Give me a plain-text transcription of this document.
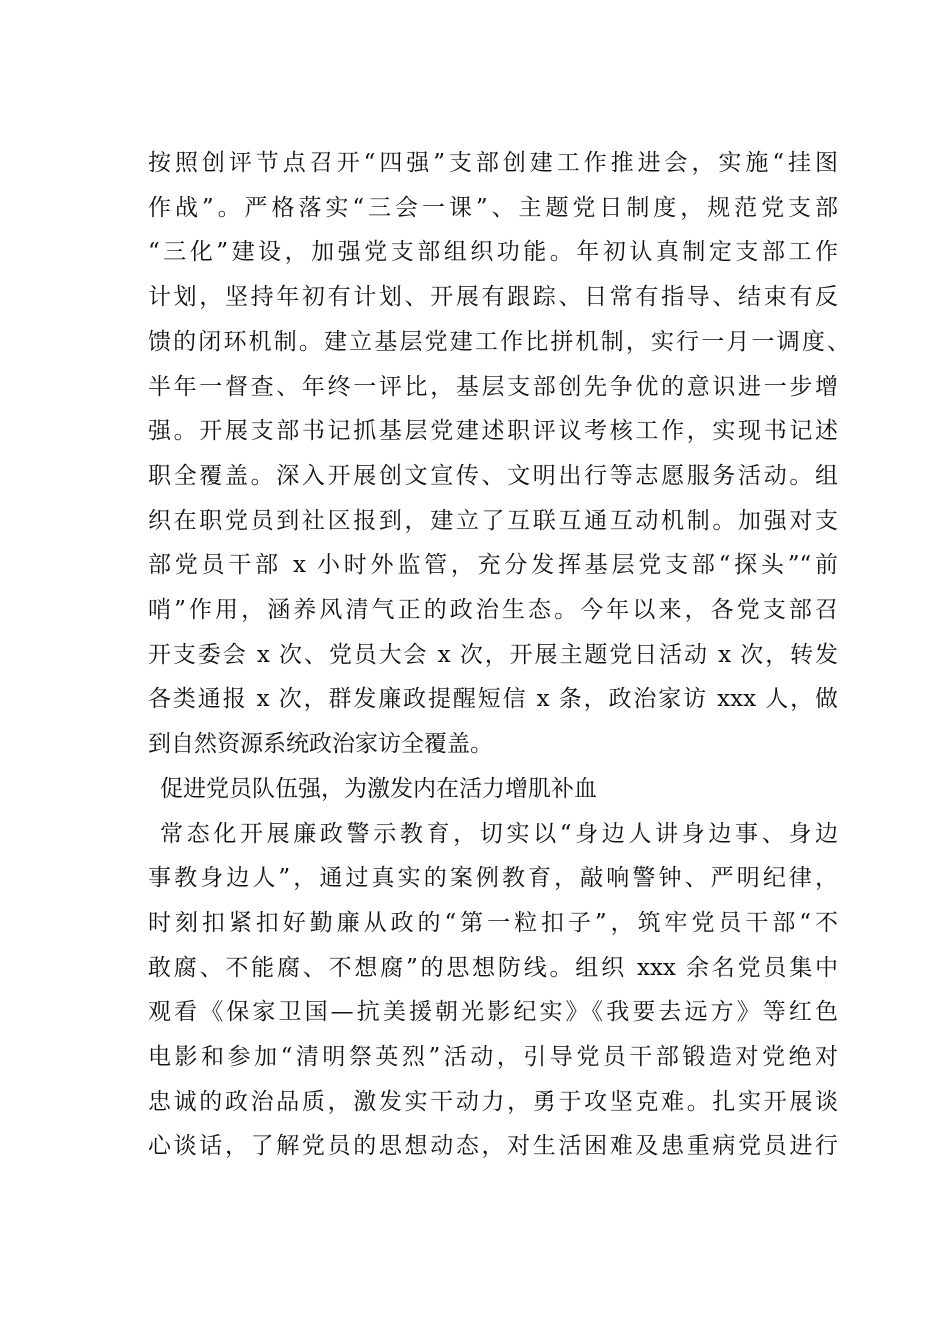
按照创评节点召开“四强”支部创建工作推进会，实施“挂图
作战”。严格落实“三会一课”、主题党日制度，规范党支部
“三化”建设，加强党支部组织功能。年初认真制定支部工作
计划，坚持年初有计划、开展有跟踪、日常有指导、结束有反
馈的闭环机制。建立基层党建工作比拼机制，实行一月一调度、
半年一督查、年终一评比，基层支部创先争优的意识进一步增
强。开展支部书记抓基层党建述职评议考核工作，实现书记述
职全覆盖。深入开展创文宣传、文明出行等志愿服务活动。组
织在职党员到社区报到，建立了互联互通互动机制。加强对支
部党员干部 x 小时外监管，充分发挥基层党支部“探头”“前
哨”作用，涵养风清气正的政治生态。今年以来，各党支部召
开支委会 x 次、党员大会 x 次，开展主题党日活动 x 次，转发
各类通报 x 次，群发廉政提醒短信 x 条，政治家访 xxx 人，做
到自然资源系统政治家访全覆盖。
促进党员队伍强，为激发内在活力增肌补血
常态化开展廉政警示教育，切实以“身边人讲身边事、身边
事教身边人”，通过真实的案例教育，敲响警钟、严明纪律，
时刻扣紧扣好勤廉从政的“第一粒扣子”，筑牢党员干部“不
敢腐、不能腐、不想腐”的思想防线。组织 xxx 余名党员集中
观看《保家卫国—抗美援朝光影纪实》《我要去远方》等红色
电影和参加“清明祭英烈”活动，引导党员干部锻造对党绝对
忠诚的政治品质，激发实干动力，勇于攻坚克难。扎实开展谈
心谈话，了解党员的思想动态，对生活困难及患重病党员进行
